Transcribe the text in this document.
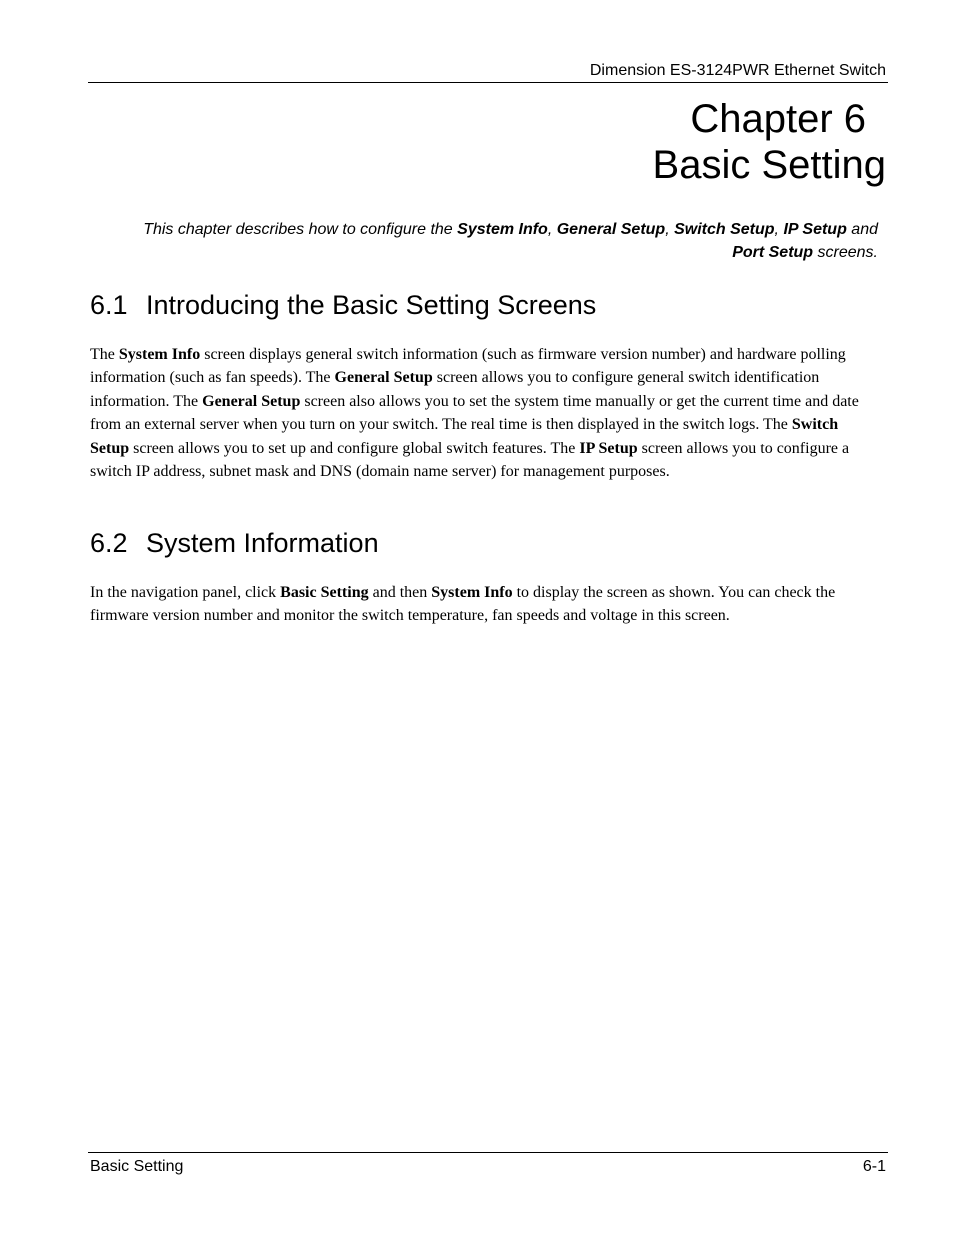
Dimension ES-3124PWR Ethernet Switch
Chapter 6
Basic Setting
This chapter describes how to configure the System Info, General Setup, Switch Setup, IP Setup and
Port Setup screens.
6.1 Introducing the Basic Setting Screens

The System Info screen displays general switch information (such as firmware version number) and hardware polling information (such as fan speeds). The General Setup screen allows you to configure general switch identification information. The General Setup screen also allows you to set the system time manually or get the current time and date from an external server when you turn on your switch. The real time is then displayed in the switch logs. The Switch Setup screen allows you to set up and configure global switch features. The IP Setup screen allows you to configure a switch IP address, subnet mask and DNS (domain name server) for management purposes.

6.2 System Information

In the navigation panel, click Basic Setting and then System Info to display the screen as shown. You can check the firmware version number and monitor the switch temperature, fan speeds and voltage in this screen.

Basic Setting	6-1
